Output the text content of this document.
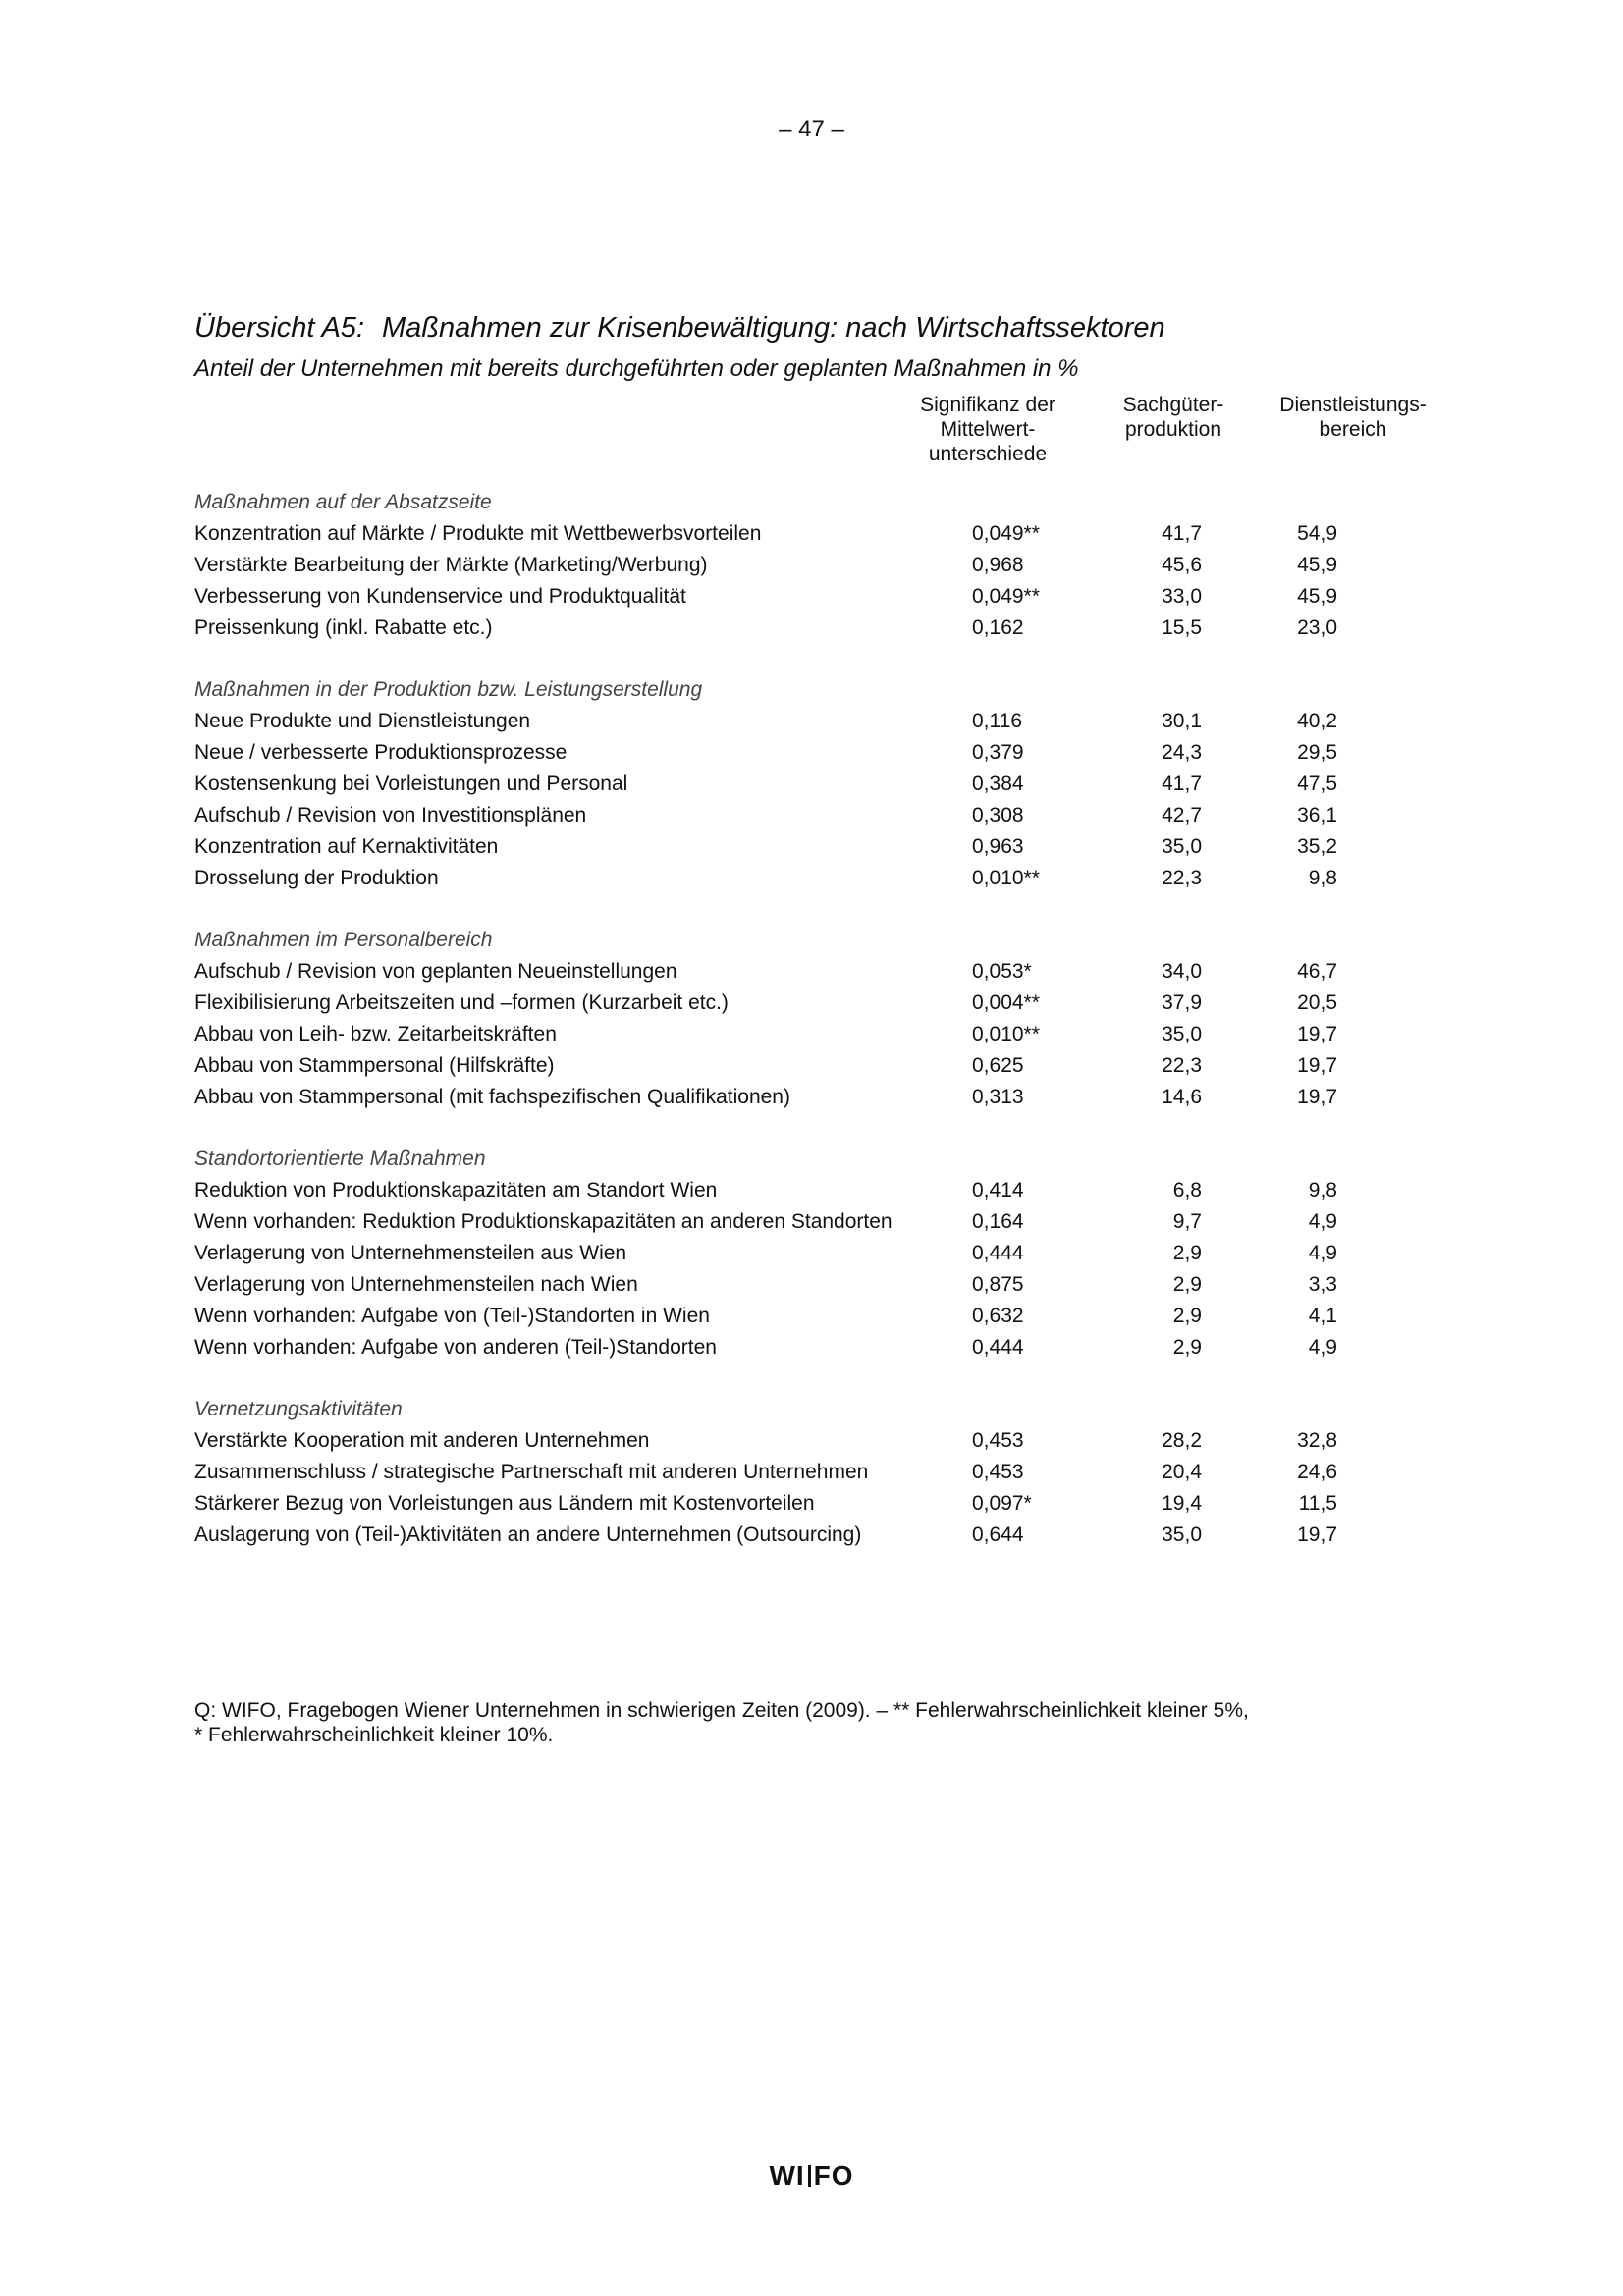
– 47 –
Übersicht A5: Maßnahmen zur Krisenbewältigung: nach Wirtschaftssektoren
Anteil der Unternehmen mit bereits durchgeführten oder geplanten Maßnahmen in %
Signifikanz der
Mittelwert-
unterschiede
Sachgüter-
produktion
Dienstleistungs-
bereich
Maßnahmen auf der Absatzseite
Konzentration auf Märkte / Produkte mit Wettbewerbsvorteilen	0,049**	41,7	54,9
Verstärkte Bearbeitung der Märkte (Marketing/Werbung)	0,968	45,6	45,9
Verbesserung von Kundenservice und Produktqualität	0,049**	33,0	45,9
Preissenkung (inkl. Rabatte etc.)	0,162	15,5	23,0
Maßnahmen in der Produktion bzw. Leistungserstellung
Neue Produkte und Dienstleistungen	0,116	30,1	40,2
Neue / verbesserte Produktionsprozesse	0,379	24,3	29,5
Kostensenkung bei Vorleistungen und Personal	0,384	41,7	47,5
Aufschub / Revision von Investitionsplänen	0,308	42,7	36,1
Konzentration auf Kernaktivitäten	0,963	35,0	35,2
Drosselung der Produktion	0,010**	22,3	9,8
Maßnahmen im Personalbereich
Aufschub / Revision von geplanten Neueinstellungen	0,053*	34,0	46,7
Flexibilisierung Arbeitszeiten und –formen (Kurzarbeit etc.)	0,004**	37,9	20,5
Abbau von Leih- bzw. Zeitarbeitskräften	0,010**	35,0	19,7
Abbau von Stammpersonal (Hilfskräfte)	0,625	22,3	19,7
Abbau von Stammpersonal (mit fachspezifischen Qualifikationen)	0,313	14,6	19,7
Standortorientierte Maßnahmen
Reduktion von Produktionskapazitäten am Standort Wien	0,414	6,8	9,8
Wenn vorhanden: Reduktion Produktionskapazitäten an anderen Standorten	0,164	9,7	4,9
Verlagerung von Unternehmensteilen aus Wien	0,444	2,9	4,9
Verlagerung von Unternehmensteilen nach Wien	0,875	2,9	3,3
Wenn vorhanden: Aufgabe von (Teil-)Standorten in Wien	0,632	2,9	4,1
Wenn vorhanden: Aufgabe von anderen (Teil-)Standorten	0,444	2,9	4,9
Vernetzungsaktivitäten
Verstärkte Kooperation mit anderen Unternehmen	0,453	28,2	32,8
Zusammenschluss / strategische Partnerschaft mit anderen Unternehmen	0,453	20,4	24,6
Stärkerer Bezug von Vorleistungen aus Ländern mit Kostenvorteilen	0,097*	19,4	11,5
Auslagerung von (Teil-)Aktivitäten an andere Unternehmen (Outsourcing)	0,644	35,0	19,7
Q: WIFO, Fragebogen Wiener Unternehmen in schwierigen Zeiten (2009). – ** Fehlerwahrscheinlichkeit kleiner 5%,
* Fehlerwahrscheinlichkeit kleiner 10%.
WI FO
